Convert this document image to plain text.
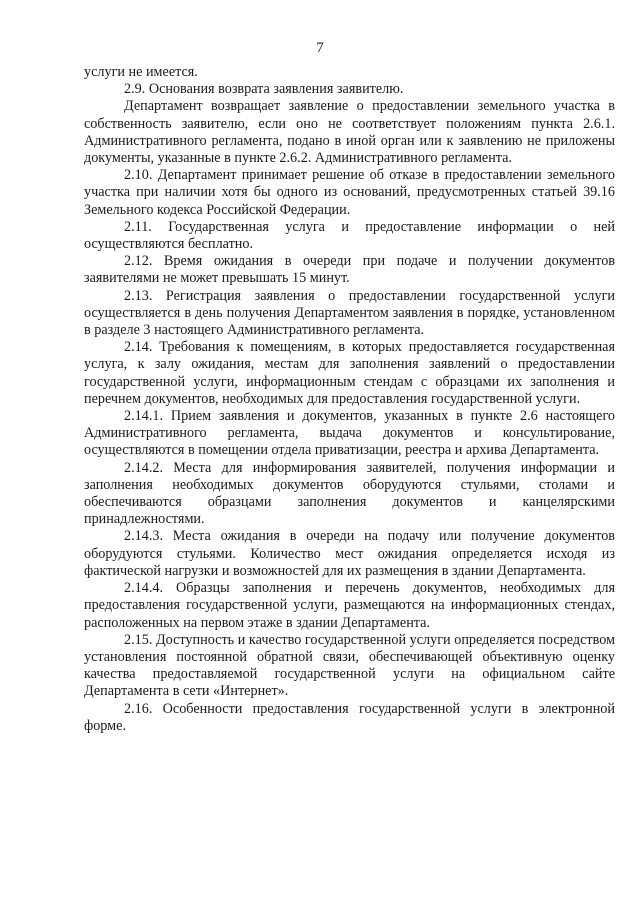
7

услуги не имеется.

2.9. Основания возврата заявления заявителю.

Департамент возвращает заявление о предоставлении земельного участка в собственность заявителю, если оно не соответствует положениям пункта 2.6.1. Административного регламента, подано в иной орган или к заявлению не приложены документы, указанные в пункте 2.6.2. Административного регламента.

2.10. Департамент принимает решение об отказе в предоставлении земельного участка при наличии хотя бы одного из оснований, предусмотренных статьей 39.16 Земельного кодекса Российской Федерации.

2.11. Государственная услуга и предоставление информации о ней осуществляются бесплатно.

2.12. Время ожидания в очереди при подаче и получении документов заявителями не может превышать 15 минут.

2.13. Регистрация заявления о предоставлении государственной услуги осуществляется в день получения Департаментом заявления в порядке, установленном в разделе 3 настоящего Административного регламента.

2.14. Требования к помещениям, в которых предоставляется государственная услуга, к залу ожидания, местам для заполнения заявлений о предоставлении государственной услуги, информационным стендам с образцами их заполнения и перечнем документов, необходимых для предоставления государственной услуги.

2.14.1. Прием заявления и документов, указанных в пункте 2.6 настоящего Административного регламента, выдача документов и консультирование, осуществляются в помещении отдела приватизации, реестра и архива Департамента.

2.14.2. Места для информирования заявителей, получения информации и заполнения необходимых документов оборудуются стульями, столами и обеспечиваются образцами заполнения документов и канцелярскими принадлежностями.

2.14.3. Места ожидания в очереди на подачу или получение документов оборудуются стульями. Количество мест ожидания определяется исходя из фактической нагрузки и возможностей для их размещения в здании Департамента.

2.14.4. Образцы заполнения и перечень документов, необходимых для предоставления государственной услуги, размещаются на информационных стендах, расположенных на первом этаже в здании Департамента.

2.15. Доступность и качество государственной услуги определяется посредством установления постоянной обратной связи, обеспечивающей объективную оценку качества предоставляемой государственной услуги на официальном сайте Департамента в сети «Интернет».

2.16. Особенности предоставления государственной услуги в электронной форме.
